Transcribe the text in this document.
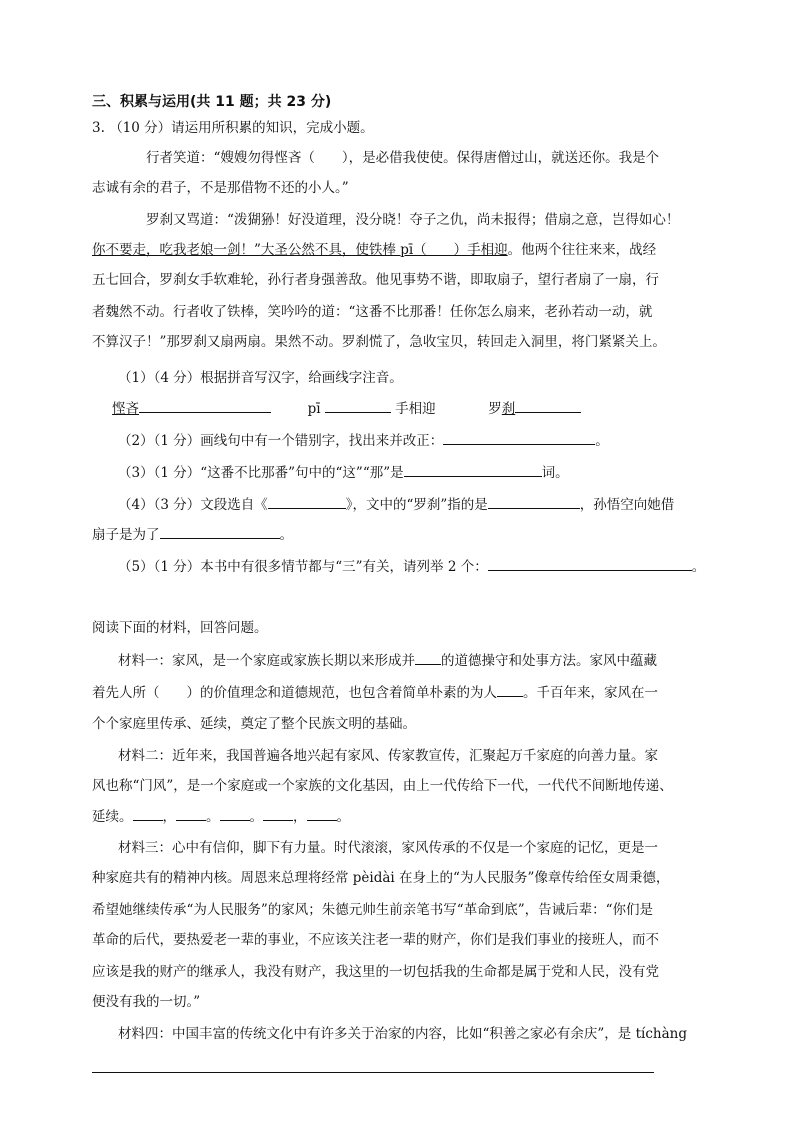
三、积累与运用(共 11 题；共 23 分)
3. （10 分）请运用所积累的知识，完成小题。
行者笑道：“嫂嫂勿得悭吝（　　），是必借我使使。保得唐僧过山，就送还你。我是个
志诚有余的君子，不是那借物不还的小人。”
罗刹又骂道：“泼猢狲！好没道理，没分晓！夺子之仇，尚未报得；借扇之意，岂得如心！
你不要走，吃我老娘一剑！”大圣公然不具，使铁棒 pī（　　）手相迎。他两个往往来来，战经
五七回合，罗刹女手软难轮，孙行者身强善敌。他见事势不谐，即取扇子，望行者扇了一扇，行
者魏然不动。行者收了铁棒，笑吟吟的道：“这番不比那番！任你怎么扇来，老孙若动一动，就
不算汉子！”那罗刹又扇两扇。果然不动。罗刹慌了，急收宝贝，转回走入洞里，将门紧紧关上。
（1）（4 分）根据拼音写汉字，给画线字注音。
悭吝	pī	手相迎	罗刹
（2）（1 分）画线句中有一个错别字，找出来并改正：	。
（3）（1 分）“这番不比那番”句中的“这”“那”是	词。
（4）（3 分）文段选自《	》，文中的“罗刹”指的是	，孙悟空向她借
扇子是为了	。
（5）（1 分）本书中有很多情节都与“三”有关，请列举 2 个：	。
阅读下面的材料，回答问题。
材料一：家风，是一个家庭或家族长期以来形成并 的道德操守和处事方法。家风中蕴藏
着先人所（　　）的价值理念和道德规范，也包含着简单朴素的为人 。千百年来，家风在一
个个家庭里传承、延续，奠定了整个民族文明的基础。
材料二：近年来，我国普遍各地兴起有家风、传家教宣传，汇聚起万千家庭的向善力量。家
风也称“门风”，是一个家庭或一个家族的文化基因，由上一代传给下一代，一代代不间断地传递、
延续。 ， 。 。 ， 。
材料三：心中有信仰，脚下有力量。时代滚滚，家风传承的不仅是一个家庭的记忆，更是一
种家庭共有的精神内核。周恩来总理将经常 pèidài 在身上的“为人民服务”像章传给侄女周秉德，
希望她继续传承“为人民服务”的家风；朱德元帅生前亲笔书写“革命到底”，告诫后辈：“你们是
革命的后代，要热爱老一辈的事业，不应该关注老一辈的财产，你们是我们事业的接班人，而不
应该是我的财产的继承人，我没有财产，我这里的一切包括我的生命都是属于党和人民，没有党
便没有我的一切。”
材料四：中国丰富的传统文化中有许多关于治家的内容，比如“积善之家必有余庆”，是 tíchàng
